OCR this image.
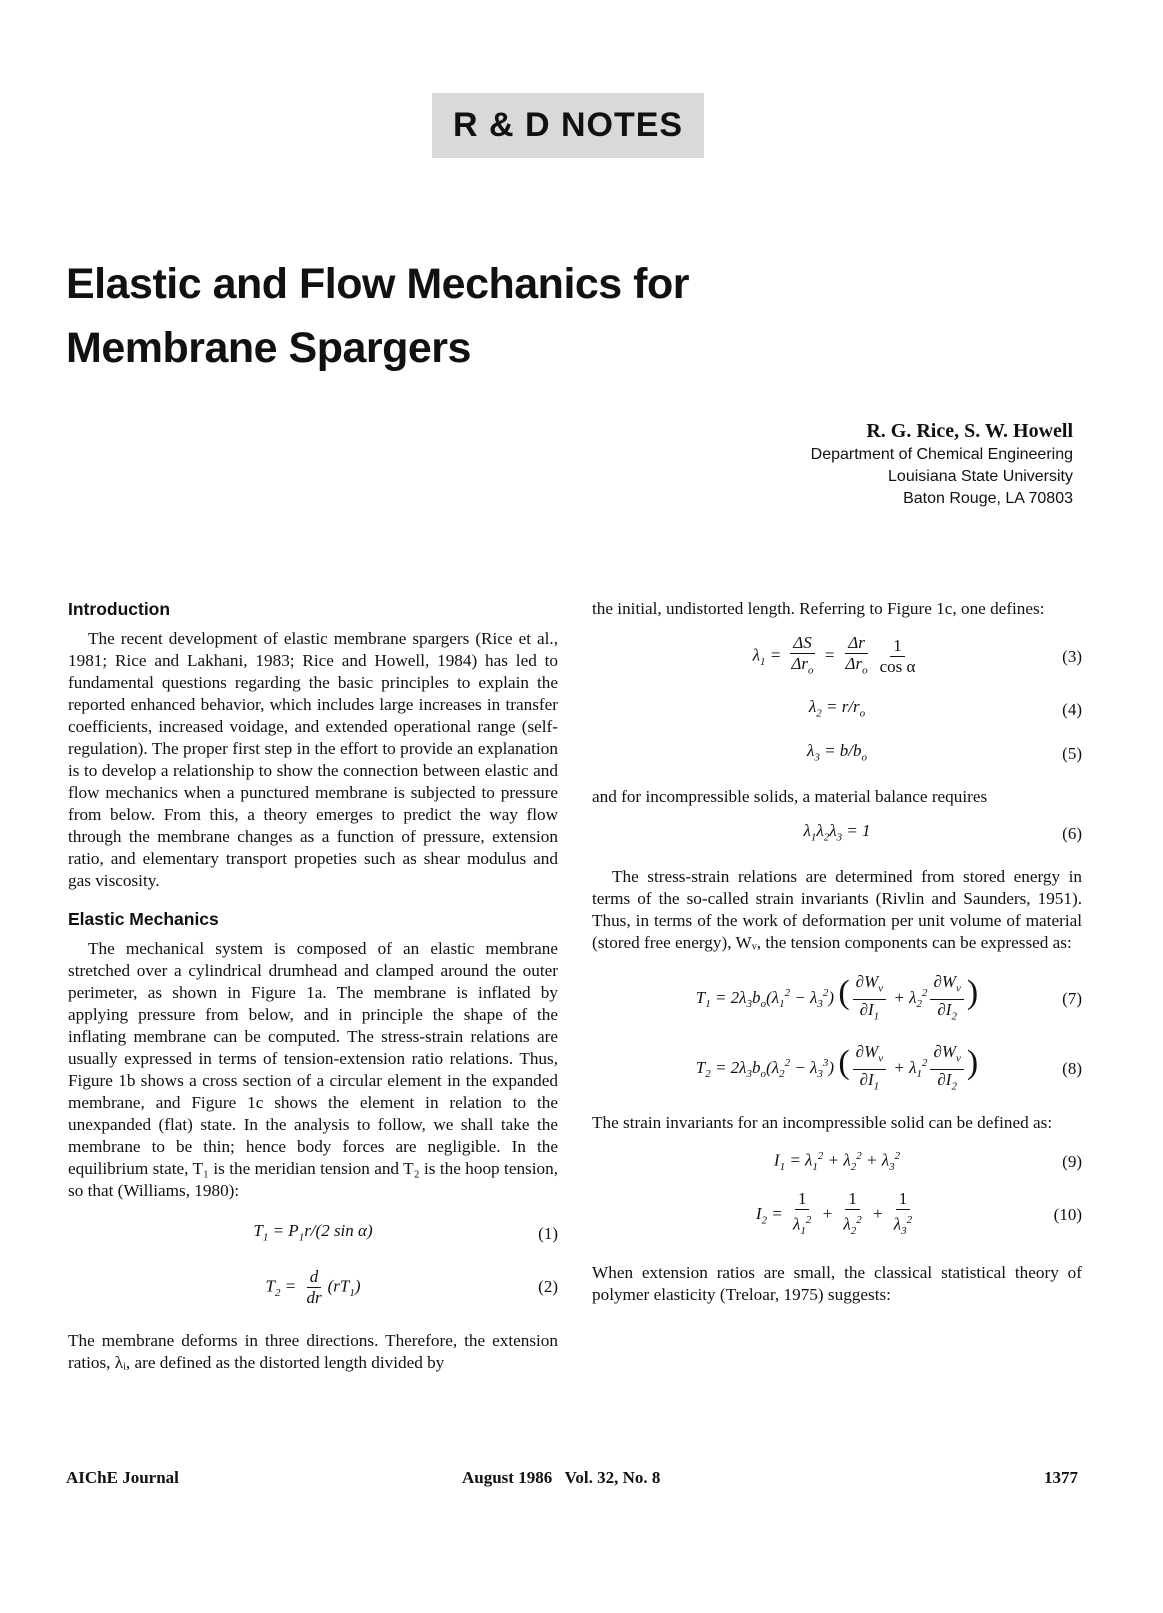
R & D NOTES
Elastic and Flow Mechanics for
Membrane Spargers
R. G. Rice, S. W. Howell
Department of Chemical Engineering
Louisiana State University
Baton Rouge, LA 70803
Introduction

The recent development of elastic membrane spargers (Rice et al., 1981; Rice and Lakhani, 1983; Rice and Howell, 1984) has led to fundamental questions regarding the basic principles to explain the reported enhanced behavior, which includes large increases in transfer coefficients, increased voidage, and extended operational range (self-regulation). The proper first step in the effort to provide an explanation is to develop a relationship to show the connection between elastic and flow mechanics when a punctured membrane is subjected to pressure from below. From this, a theory emerges to predict the way flow through the membrane changes as a function of pressure, extension ratio, and elementary transport propeties such as shear modulus and gas viscosity.

Elastic Mechanics

The mechanical system is composed of an elastic membrane stretched over a cylindrical drumhead and clamped around the outer perimeter, as shown in Figure 1a. The membrane is inflated by applying pressure from below, and in principle the shape of the inflating membrane can be computed. The stress-strain relations are usually expressed in terms of tension-extension ratio relations. Thus, Figure 1b shows a cross section of a circular element in the expanded membrane, and Figure 1c shows the element in relation to the unexpanded (flat) state. In the analysis to follow, we shall take the membrane to be thin; hence body forces are negligible. In the equilibrium state, T₁ is the meridian tension and T₂ is the hoop tension, so that (Williams, 1980):

$T_1 = P_1r/(2$ sin α)	(1)
$T_2 = \frac{d}{dr} (rT_1)$	(2)

The membrane deforms in three directions. Therefore, the extension ratios, λᵢ, are defined as the distorted length divided by

the initial, undistorted length. Referring to Figure 1c, one defines:

$\lambda_1 = \frac{\Delta S}{\Delta r_o} = \frac{\Delta r}{\Delta r_o} \frac{1}{\text{cos α}}$	(3)
$\lambda_2 = r/r_o$	(4)
$\lambda_3 = b/b_o$	(5)

and for incompressible solids, a material balance requires

$\lambda_1\lambda_2\lambda_3 = 1$	(6)

The stress-strain relations are determined from stored energy in terms of the so-called strain invariants (Rivlin and Saunders, 1951). Thus, in terms of the work of deformation per unit volume of material (stored free energy), Wᵥ, the tension components can be expressed as:

$T_1 = 2\lambda_3b_o(\lambda_1^2 - \lambda_3^2)$ ( $\frac{\partial W_v}{\partial I_1} + \lambda_2^2 \frac{\partial W_v}{\partial I_2}$ )	(7)
$T_2 = 2\lambda_3b_o(\lambda_2^2 - \lambda_3^3)$ ( $\frac{\partial W_v}{\partial I_1} + \lambda_1^2 \frac{\partial W_v}{\partial I_2}$ )	(8)

The strain invariants for an incompressible solid can be defined as:

$I_1 = \lambda_1^2 + \lambda_2^2 + \lambda_3^2$	(9)
$I_2 = \frac{1}{\lambda_1^2} + \frac{1}{\lambda_2^2} + \frac{1}{\lambda_3^2}$	(10)

When extension ratios are small, the classical statistical theory of polymer elasticity (Treloar, 1975) suggests:

AIChE Journal	August 1986   Vol. 32, No. 8	1377
